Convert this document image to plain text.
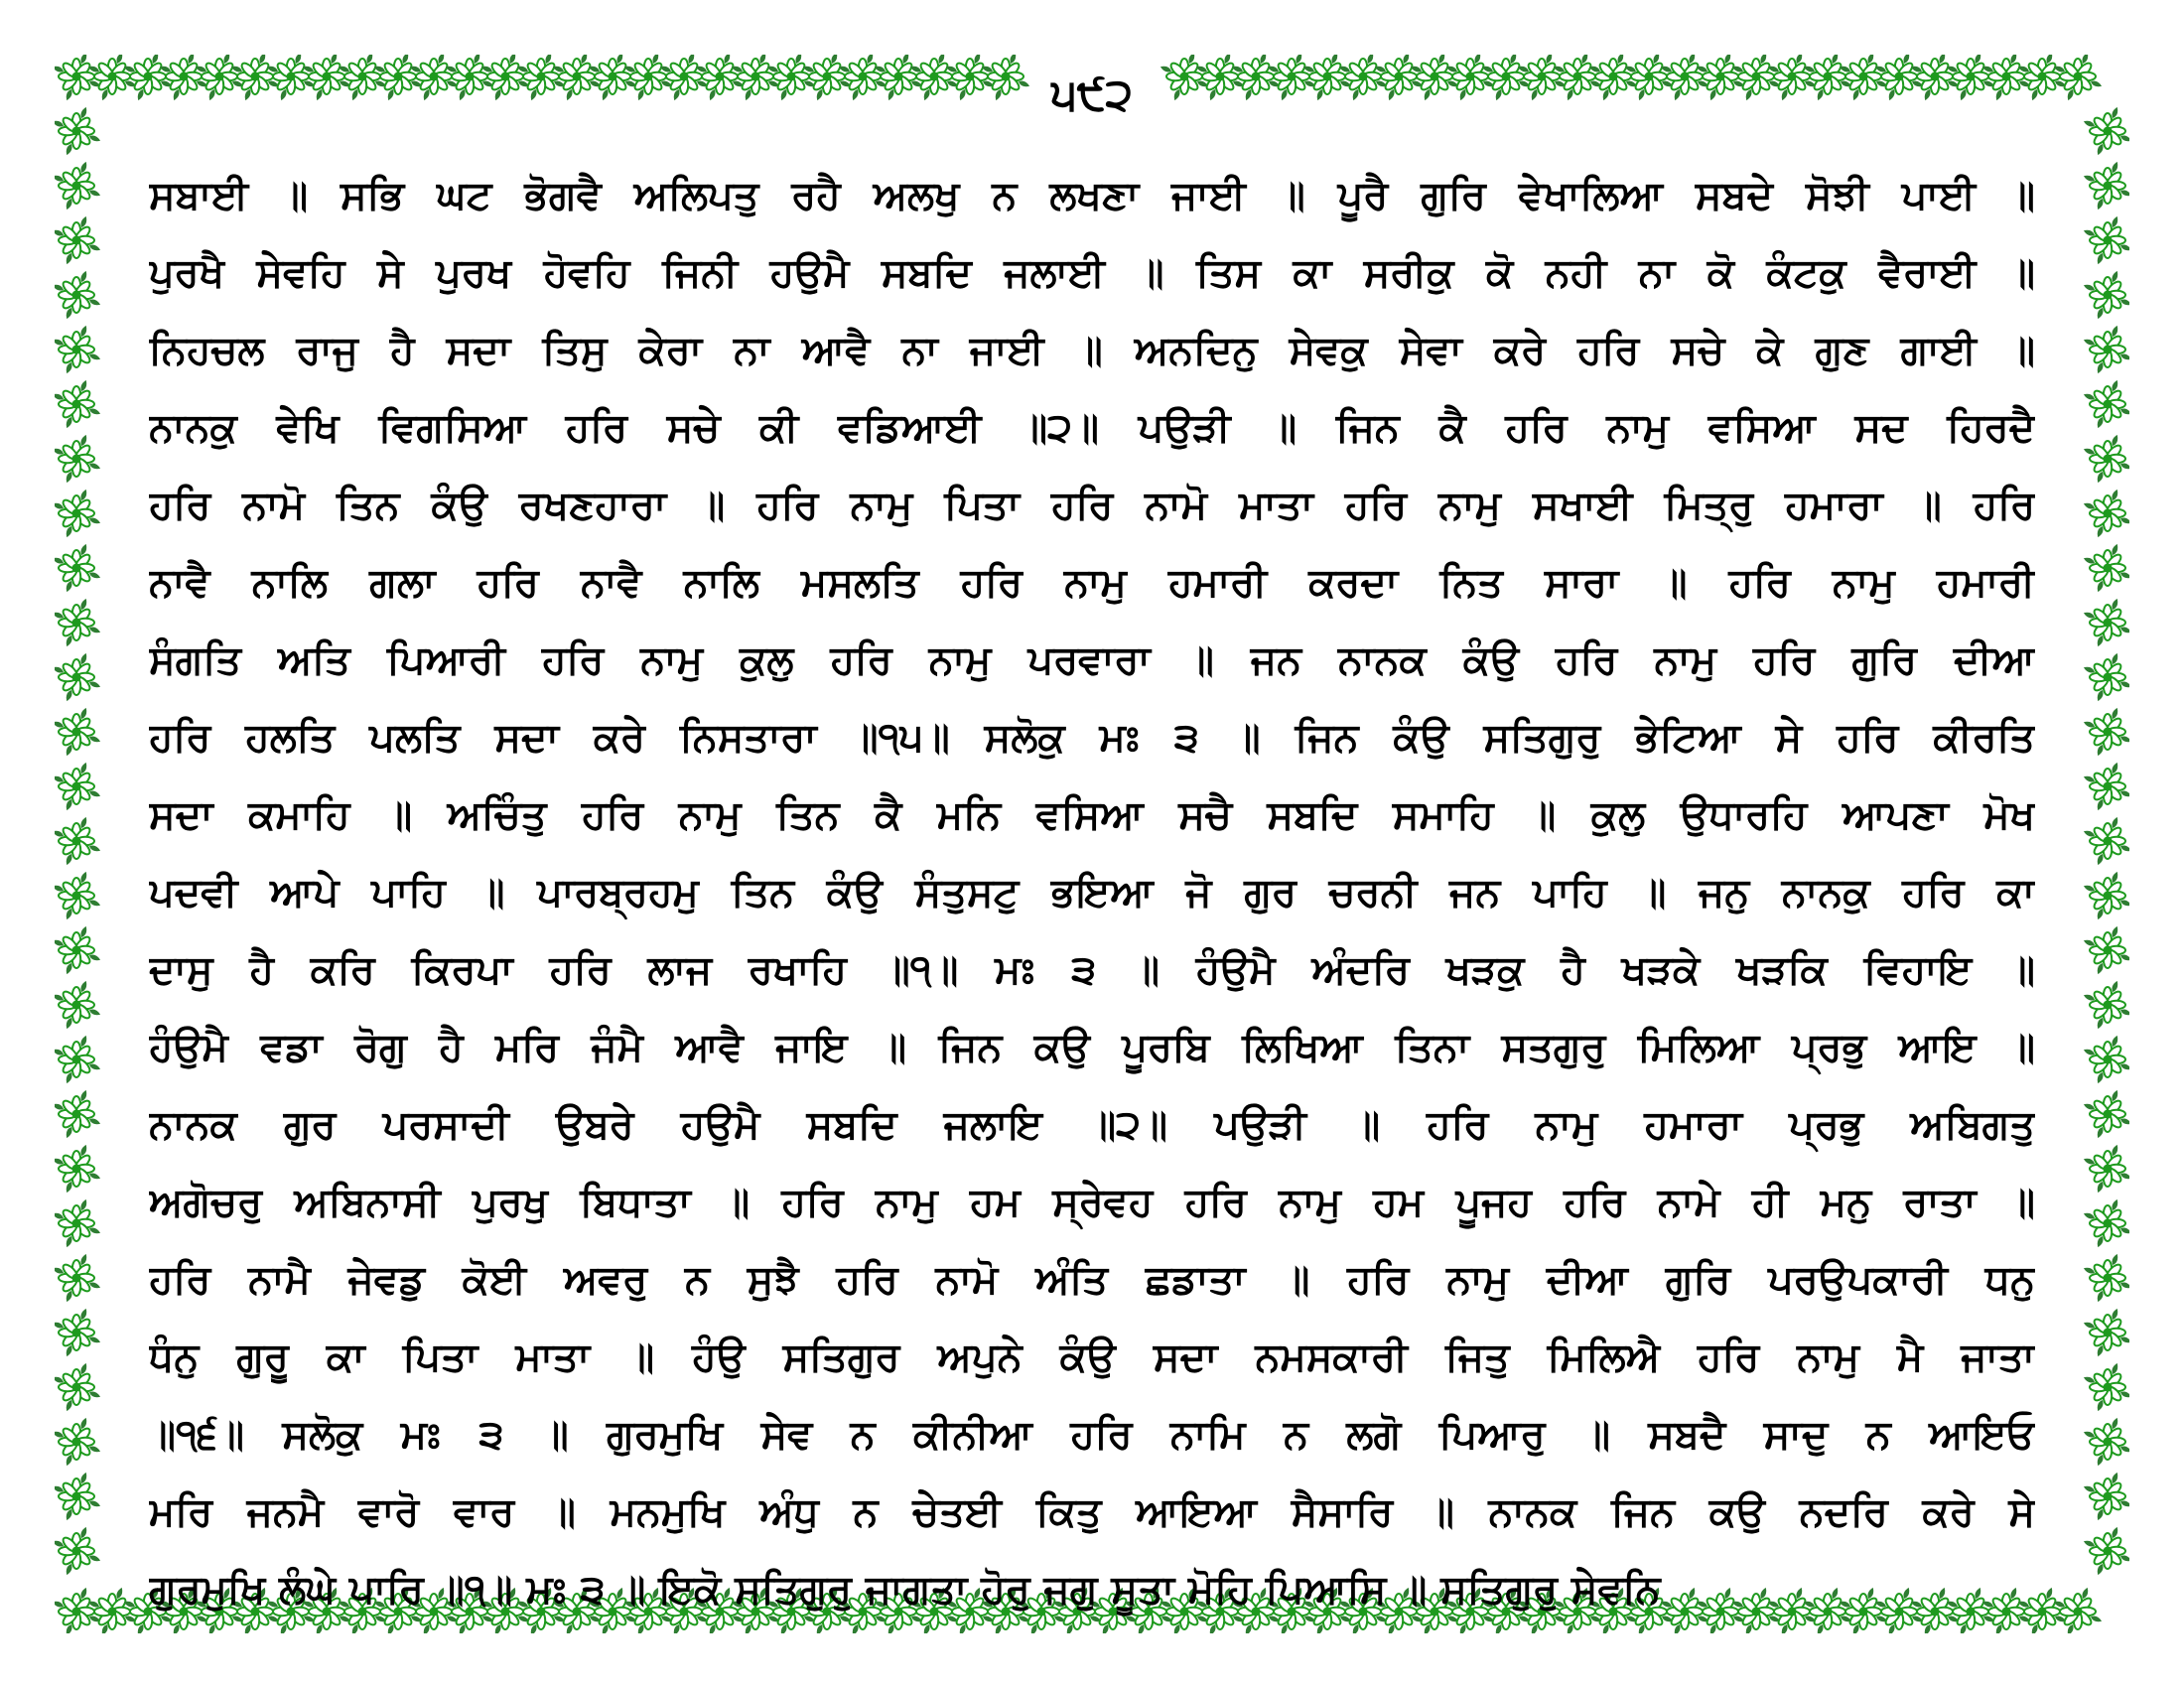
੫੯੨
ਸਬਾਈ ॥ ਸਭਿ ਘਟ ਭੋਗਵੈ ਅਲਿਪਤੁ ਰਹੈ ਅਲਖੁ ਨ ਲਖਣਾ ਜਾਈ ॥ ਪੂਰੈ ਗੁਰਿ ਵੇਖਾਲਿਆ ਸਬਦੇ ਸੋਝੀ ਪਾਈ ॥
ਪੁਰਖੈ ਸੇਵਹਿ ਸੇ ਪੁਰਖ ਹੋਵਹਿ ਜਿਨੀ ਹਉਮੈ ਸਬਦਿ ਜਲਾਈ ॥ ਤਿਸ ਕਾ ਸਰੀਕੁ ਕੋ ਨਹੀ ਨਾ ਕੋ ਕੰਟਕੁ ਵੈਰਾਈ ॥
ਨਿਹਚਲ ਰਾਜੁ ਹੈ ਸਦਾ ਤਿਸੁ ਕੇਰਾ ਨਾ ਆਵੈ ਨਾ ਜਾਈ ॥ ਅਨਦਿਨੁ ਸੇਵਕੁ ਸੇਵਾ ਕਰੇ ਹਰਿ ਸਚੇ ਕੇ ਗੁਣ ਗਾਈ ॥
ਨਾਨਕੁ ਵੇਖਿ ਵਿਗਸਿਆ ਹਰਿ ਸਚੇ ਕੀ ਵਡਿਆਈ ॥੨॥ ਪਉੜੀ ॥ ਜਿਨ ਕੈ ਹਰਿ ਨਾਮੁ ਵਸਿਆ ਸਦ ਹਿਰਦੈ
ਹਰਿ ਨਾਮੋ ਤਿਨ ਕੰਉ ਰਖਣਹਾਰਾ ॥ ਹਰਿ ਨਾਮੁ ਪਿਤਾ ਹਰਿ ਨਾਮੋ ਮਾਤਾ ਹਰਿ ਨਾਮੁ ਸਖਾਈ ਮਿਤ੍ਰੁ ਹਮਾਰਾ ॥ ਹਰਿ
ਨਾਵੈ ਨਾਲਿ ਗਲਾ ਹਰਿ ਨਾਵੈ ਨਾਲਿ ਮਸਲਤਿ ਹਰਿ ਨਾਮੁ ਹਮਾਰੀ ਕਰਦਾ ਨਿਤ ਸਾਰਾ ॥ ਹਰਿ ਨਾਮੁ ਹਮਾਰੀ
ਸੰਗਤਿ ਅਤਿ ਪਿਆਰੀ ਹਰਿ ਨਾਮੁ ਕੁਲੁ ਹਰਿ ਨਾਮੁ ਪਰਵਾਰਾ ॥ ਜਨ ਨਾਨਕ ਕੰਉ ਹਰਿ ਨਾਮੁ ਹਰਿ ਗੁਰਿ ਦੀਆ
ਹਰਿ ਹਲਤਿ ਪਲਤਿ ਸਦਾ ਕਰੇ ਨਿਸਤਾਰਾ ॥੧੫॥ ਸਲੋਕੁ ਮਃ ੩ ॥ ਜਿਨ ਕੰਉ ਸਤਿਗੁਰੁ ਭੇਟਿਆ ਸੇ ਹਰਿ ਕੀਰਤਿ
ਸਦਾ ਕਮਾਹਿ ॥ ਅਚਿੰਤੁ ਹਰਿ ਨਾਮੁ ਤਿਨ ਕੈ ਮਨਿ ਵਸਿਆ ਸਚੈ ਸਬਦਿ ਸਮਾਹਿ ॥ ਕੁਲੁ ਉਧਾਰਹਿ ਆਪਣਾ ਮੋਖ
ਪਦਵੀ ਆਪੇ ਪਾਹਿ ॥ ਪਾਰਬ੍ਰਹਮੁ ਤਿਨ ਕੰਉ ਸੰਤੁਸਟੁ ਭਇਆ ਜੋ ਗੁਰ ਚਰਨੀ ਜਨ ਪਾਹਿ ॥ ਜਨੁ ਨਾਨਕੁ ਹਰਿ ਕਾ
ਦਾਸੁ ਹੈ ਕਰਿ ਕਿਰਪਾ ਹਰਿ ਲਾਜ ਰਖਾਹਿ ॥੧॥ ਮਃ ੩ ॥ ਹੰਉਮੈ ਅੰਦਰਿ ਖੜਕੁ ਹੈ ਖੜਕੇ ਖੜਕਿ ਵਿਹਾਇ ॥
ਹੰਉਮੈ ਵਡਾ ਰੋਗੁ ਹੈ ਮਰਿ ਜੰਮੈ ਆਵੈ ਜਾਇ ॥ ਜਿਨ ਕਉ ਪੂਰਬਿ ਲਿਖਿਆ ਤਿਨਾ ਸਤਗੁਰੁ ਮਿਲਿਆ ਪ੍ਰਭੁ ਆਇ ॥
ਨਾਨਕ ਗੁਰ ਪਰਸਾਦੀ ਉਬਰੇ ਹਉਮੈ ਸਬਦਿ ਜਲਾਇ ॥੨॥ ਪਉੜੀ ॥ ਹਰਿ ਨਾਮੁ ਹਮਾਰਾ ਪ੍ਰਭੁ ਅਬਿਗਤੁ
ਅਗੋਚਰੁ ਅਬਿਨਾਸੀ ਪੁਰਖੁ ਬਿਧਾਤਾ ॥ ਹਰਿ ਨਾਮੁ ਹਮ ਸ੍ਰੇਵਹ ਹਰਿ ਨਾਮੁ ਹਮ ਪੂਜਹ ਹਰਿ ਨਾਮੇ ਹੀ ਮਨੁ ਰਾਤਾ ॥
ਹਰਿ ਨਾਮੈ ਜੇਵਡੁ ਕੋਈ ਅਵਰੁ ਨ ਸੁਝੈ ਹਰਿ ਨਾਮੋ ਅੰਤਿ ਛਡਾਤਾ ॥ ਹਰਿ ਨਾਮੁ ਦੀਆ ਗੁਰਿ ਪਰਉਪਕਾਰੀ ਧਨੁ
ਧੰਨੁ ਗੁਰੂ ਕਾ ਪਿਤਾ ਮਾਤਾ ॥ ਹੰਉ ਸਤਿਗੁਰ ਅਪੁਨੇ ਕੰਉ ਸਦਾ ਨਮਸਕਾਰੀ ਜਿਤੁ ਮਿਲਿਐ ਹਰਿ ਨਾਮੁ ਮੈ ਜਾਤਾ
॥੧੬॥ ਸਲੋਕੁ ਮਃ ੩ ॥ ਗੁਰਮੁਖਿ ਸੇਵ ਨ ਕੀਨੀਆ ਹਰਿ ਨਾਮਿ ਨ ਲਗੋ ਪਿਆਰੁ ॥ ਸਬਦੈ ਸਾਦੁ ਨ ਆਇਓ
ਮਰਿ ਜਨਮੈ ਵਾਰੋ ਵਾਰ ॥ ਮਨਮੁਖਿ ਅੰਧੁ ਨ ਚੇਤਈ ਕਿਤੁ ਆਇਆ ਸੈਸਾਰਿ ॥ ਨਾਨਕ ਜਿਨ ਕਉ ਨਦਰਿ ਕਰੇ ਸੇ
ਗੁਰਮੁਖਿ ਲੰਘੇ ਪਾਰਿ ॥੧॥ ਮਃ ੩ ॥ ਇਕੋ ਸਤਿਗੁਰੁ ਜਾਗਤਾ ਹੋਰੁ ਜਗੁ ਸੂਤਾ ਮੋਹਿ ਪਿਆਸਿ ॥ ਸਤਿਗੁਰੁ ਸੇਵਨਿ
